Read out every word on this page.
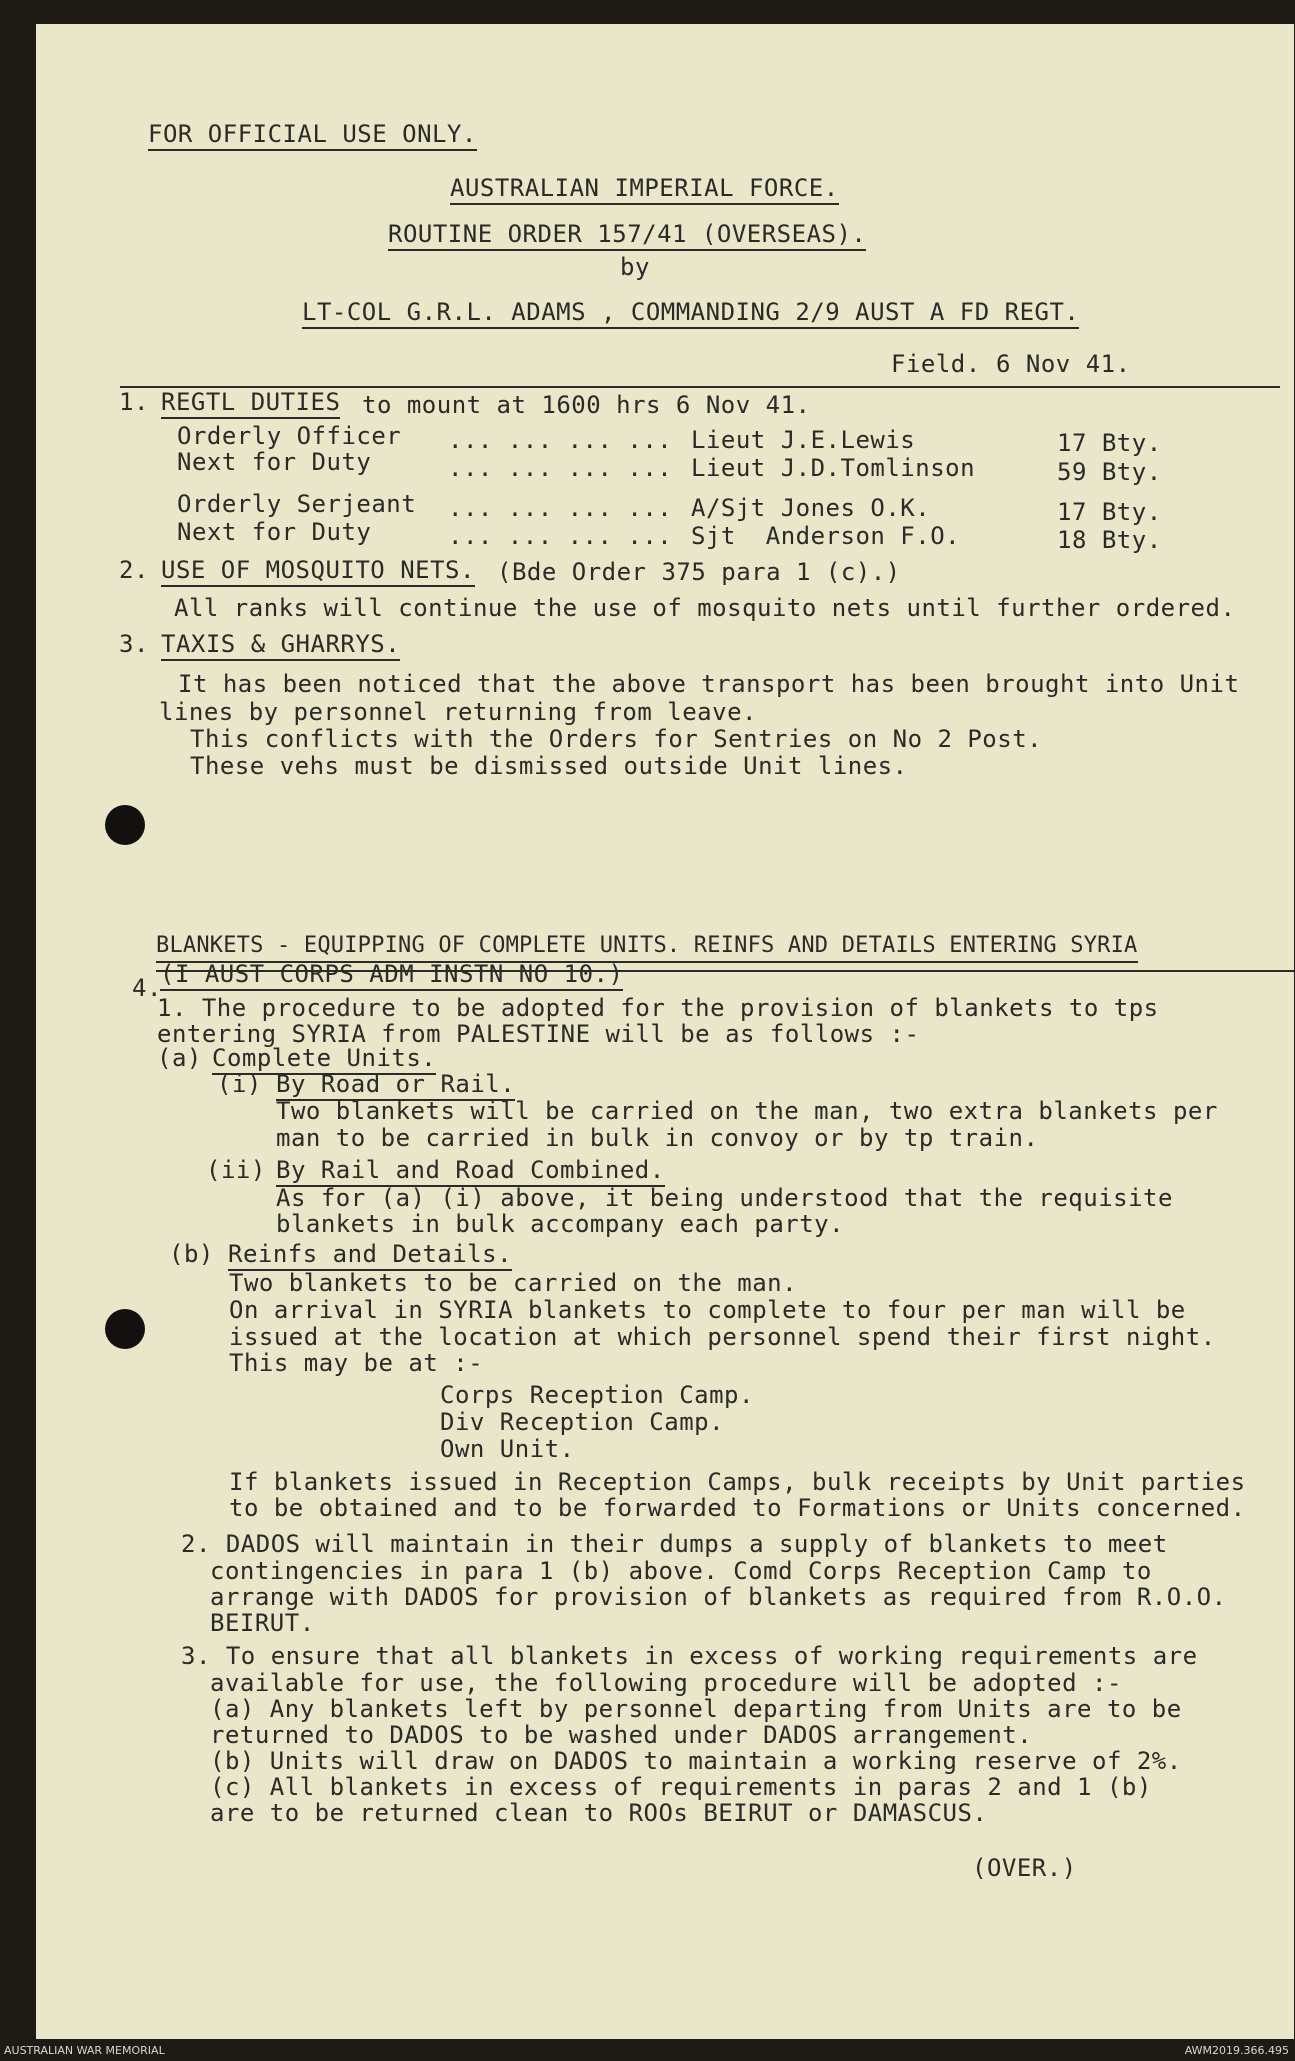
FOR OFFICIAL USE ONLY.
AUSTRALIAN IMPERIAL FORCE.
ROUTINE ORDER 157/41 (OVERSEAS).
by
LT-COL G.R.L. ADAMS , COMMANDING 2/9 AUST A FD REGT.
Field. 6 Nov 41.
1. REGTL DUTIES to mount at 1600 hrs 6 Nov 41.
Orderly Officer ... ... ... ... Lieut J.E.Lewis	17 Bty.
Next for Duty	... ... ... ... Lieut J.D.Tomlinson	59 Bty.
Orderly Serjeant ... ... ... ... A/Sjt Jones O.K.	17 Bty.
Next for Duty	... ... ... ... Sjt  Anderson F.O.	18 Bty.
2. USE OF MOSQUITO NETS. (Bde Order 375 para 1 (c).)
All ranks will continue the use of mosquito nets until further ordered.
3. TAXIS & GHARRYS.
It has been noticed that the above transport has been brought into Unit
lines by personnel returning from leave.
This conflicts with the Orders for Sentries on No 2 Post.
These vehs must be dismissed outside Unit lines.
BLANKETS - EQUIPPING OF COMPLETE UNITS. REINFS AND DETAILS ENTERING SYRIA
4.
(I AUST CORPS ADM INSTN NO 10.)
1. The procedure to be adopted for the provision of blankets to tps
entering SYRIA from PALESTINE will be as follows :-
(a)
Complete Units.
(i) By Road or Rail.
Two blankets will be carried on the man, two extra blankets per
man to be carried in bulk in convoy or by tp train.
(ii)
By Rail and Road Combined.
As for (a) (i) above, it being understood that the requisite
blankets in bulk accompany each party.
(b) Reinfs and Details.
Two blankets to be carried on the man.
On arrival in SYRIA blankets to complete to four per man will be
issued at the location at which personnel spend their first night.
This may be at :-
Corps Reception Camp.
Div Reception Camp.
Own Unit.
If blankets issued in Reception Camps, bulk receipts by Unit parties
to be obtained and to be forwarded to Formations or Units concerned.
2. DADOS will maintain in their dumps a supply of blankets to meet
contingencies in para 1 (b) above. Comd Corps Reception Camp to
arrange with DADOS for provision of blankets as required from R.O.O.
BEIRUT.
3. To ensure that all blankets in excess of working requirements are
available for use, the following procedure will be adopted :-
(a) Any blankets left by personnel departing from Units are to be
returned to DADOS to be washed under DADOS arrangement.
(b) Units will draw on DADOS to maintain a working reserve of 2%.
(c) All blankets in excess of requirements in paras 2 and 1 (b)
are to be returned clean to ROOs BEIRUT or DAMASCUS.
(OVER.)
AUSTRALIAN WAR MEMORIAL	AWM2019.366.495
